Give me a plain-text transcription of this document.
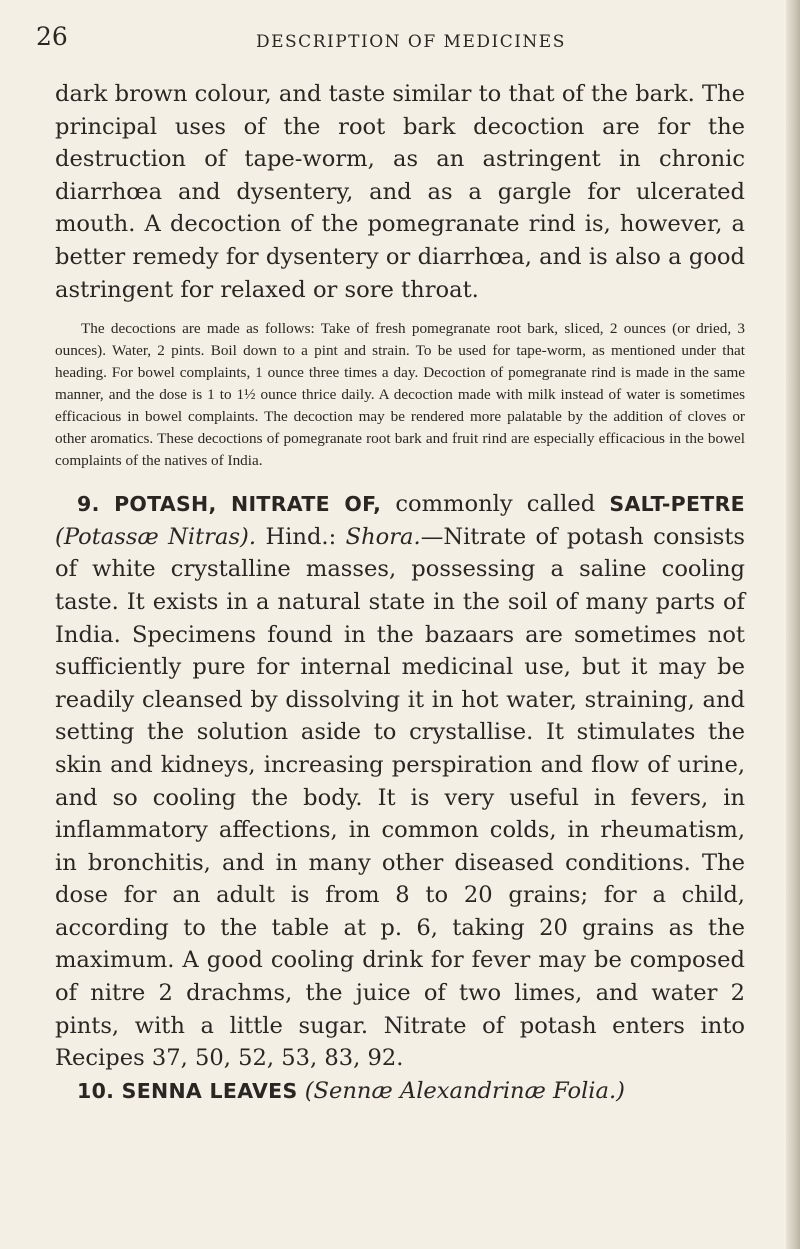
26	DESCRIPTION OF MEDICINES

dark brown colour, and taste similar to that of the bark. The principal uses of the root bark decoction are for the destruction of tape-worm, as an astringent in chronic diarrhœa and dysentery, and as a gargle for ulcerated mouth. A decoction of the pomegranate rind is, however, a better remedy for dysentery or diarrhœa, and is also a good astringent for relaxed or sore throat.

The decoctions are made as follows: Take of fresh pomegranate root bark, sliced, 2 ounces (or dried, 3 ounces). Water, 2 pints. Boil down to a pint and strain. To be used for tape-worm, as mentioned under that heading. For bowel complaints, 1 ounce three times a day. Decoction of pomegranate rind is made in the same manner, and the dose is 1 to 1½ ounce thrice daily. A decoction made with milk instead of water is sometimes efficacious in bowel complaints. The decoction may be rendered more palatable by the addition of cloves or other aromatics. These decoctions of pomegranate root bark and fruit rind are especially efficacious in the bowel complaints of the natives of India.

9. POTASH, NITRATE OF, commonly called SALT-PETRE (Potassæ Nitras). Hind.: Shora.—Nitrate of potash consists of white crystalline masses, possessing a saline cooling taste. It exists in a natural state in the soil of many parts of India. Specimens found in the bazaars are sometimes not sufficiently pure for internal medicinal use, but it may be readily cleansed by dissolving it in hot water, straining, and setting the solution aside to crystallise. It stimulates the skin and kidneys, increasing perspiration and flow of urine, and so cooling the body. It is very useful in fevers, in inflammatory affections, in common colds, in rheumatism, in bronchitis, and in many other diseased conditions. The dose for an adult is from 8 to 20 grains; for a child, according to the table at p. 6, taking 20 grains as the maximum. A good cooling drink for fever may be composed of nitre 2 drachms, the juice of two limes, and water 2 pints, with a little sugar. Nitrate of potash enters into Recipes 37, 50, 52, 53, 83, 92.

10. SENNA LEAVES (Sennæ Alexandrinæ Folia.)
